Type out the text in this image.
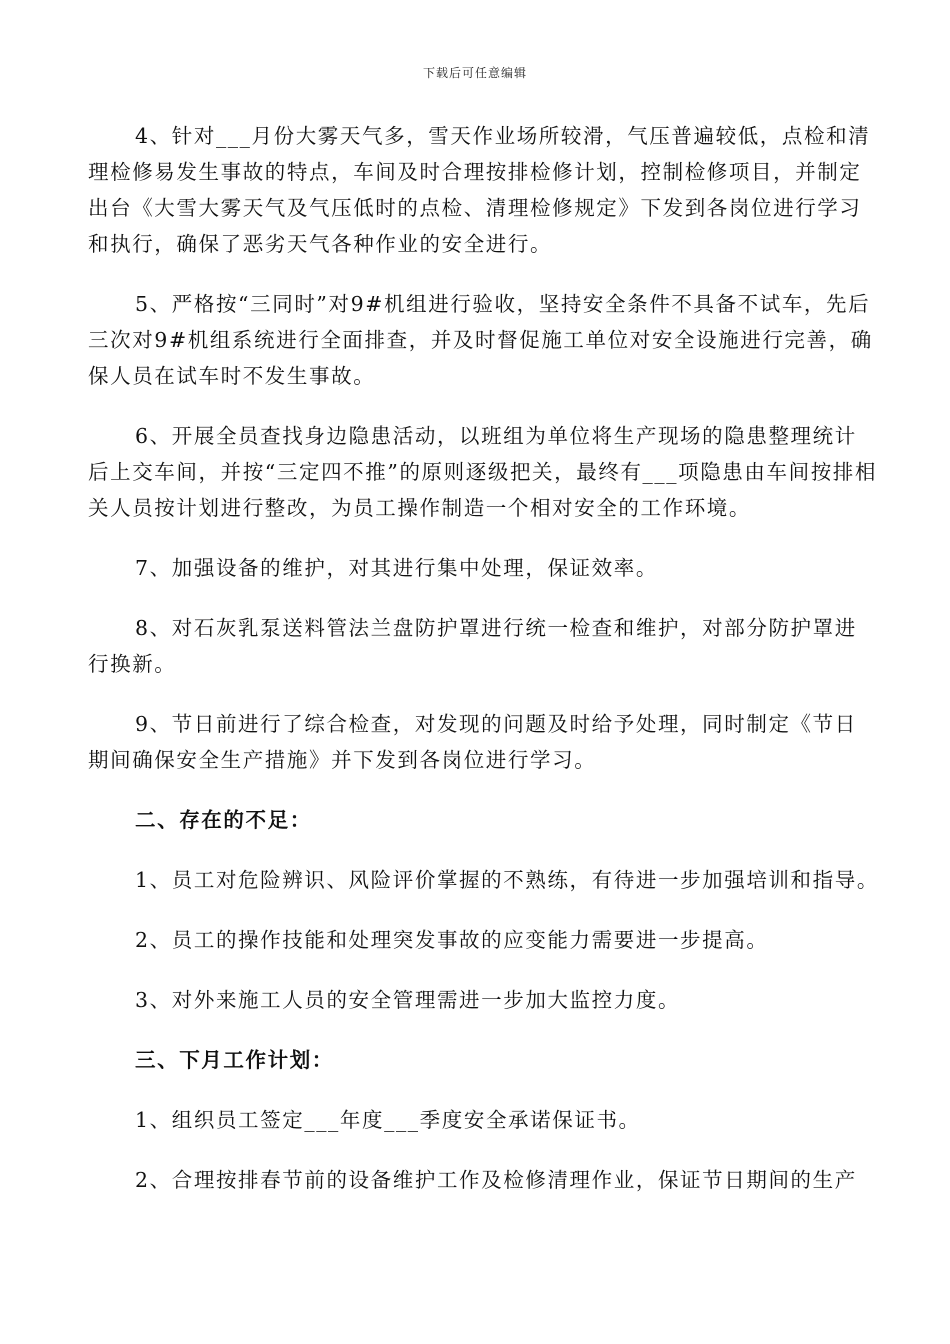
下载后可任意编辑

4、针对___月份大雾天气多，雪天作业场所较滑，气压普遍较低，点检和清理检修易发生事故的特点，车间及时合理按排检修计划，控制检修项目，并制定出台《大雪大雾天气及气压低时的点检、清理检修规定》下发到各岗位进行学习和执行，确保了恶劣天气各种作业的安全进行。

5、严格按“三同时”对9#机组进行验收，坚持安全条件不具备不试车，先后三次对9#机组系统进行全面排查，并及时督促施工单位对安全设施进行完善，确保人员在试车时不发生事故。

6、开展全员查找身边隐患活动，以班组为单位将生产现场的隐患整理统计后上交车间，并按“三定四不推”的原则逐级把关，最终有___项隐患由车间按排相关人员按计划进行整改，为员工操作制造一个相对安全的工作环境。

7、加强设备的维护，对其进行集中处理，保证效率。

8、对石灰乳泵送料管法兰盘防护罩进行统一检查和维护，对部分防护罩进行换新。

9、节日前进行了综合检查，对发现的问题及时给予处理，同时制定《节日期间确保安全生产措施》并下发到各岗位进行学习。

二、存在的不足：

1、员工对危险辨识、风险评价掌握的不熟练，有待进一步加强培训和指导。

2、员工的操作技能和处理突发事故的应变能力需要进一步提高。

3、对外来施工人员的安全管理需进一步加大监控力度。

三、下月工作计划：

1、组织员工签定___年度___季度安全承诺保证书。

2、合理按排春节前的设备维护工作及检修清理作业，保证节日期间的生产
